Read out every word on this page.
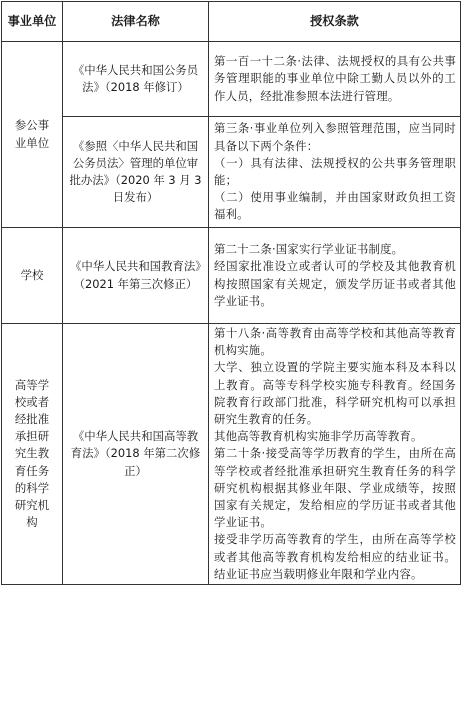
事业单位	法律名称	授权条款
参公事业单位	《中华人民共和国公务员法》（2018 年修订）	第一百一十二条·法律、法规授权的具有公共事务管理职能的事业单位中除工勤人员以外的工作人员，经批准参照本法进行管理。

	《参照〈中华人民共和国公务员法〉管理的单位审批办法》（2020 年 3 月 3 日发布）	第三条·事业单位列入参照管理范围，应当同时具备以下两个条件：

（一）具有法律、法规授权的公共事务管理职能；

（二）使用事业编制，并由国家财政负担工资福利。

学校	《中华人民共和国教育法》（2021 年第三次修正）	第二十二条·国家实行学业证书制度。

经国家批准设立或者认可的学校及其他教育机构按照国家有关规定，颁发学历证书或者其他学业证书。

高等学校或者经批准承担研究生教育任务的科学研究机构	《中华人民共和国高等教育法》（2018 年第二次修正）	第十八条·高等教育由高等学校和其他高等教育机构实施。

大学、独立设置的学院主要实施本科及本科以上教育。高等专科学校实施专科教育。经国务院教育行政部门批准，科学研究机构可以承担研究生教育的任务。

其他高等教育机构实施非学历高等教育。

第二十条·接受高等学历教育的学生，由所在高等学校或者经批准承担研究生教育任务的科学研究机构根据其修业年限、学业成绩等，按照国家有关规定，发给相应的学历证书或者其他学业证书。

接受非学历高等教育的学生，由所在高等学校或者其他高等教育机构发给相应的结业证书。结业证书应当载明修业年限和学业内容。
